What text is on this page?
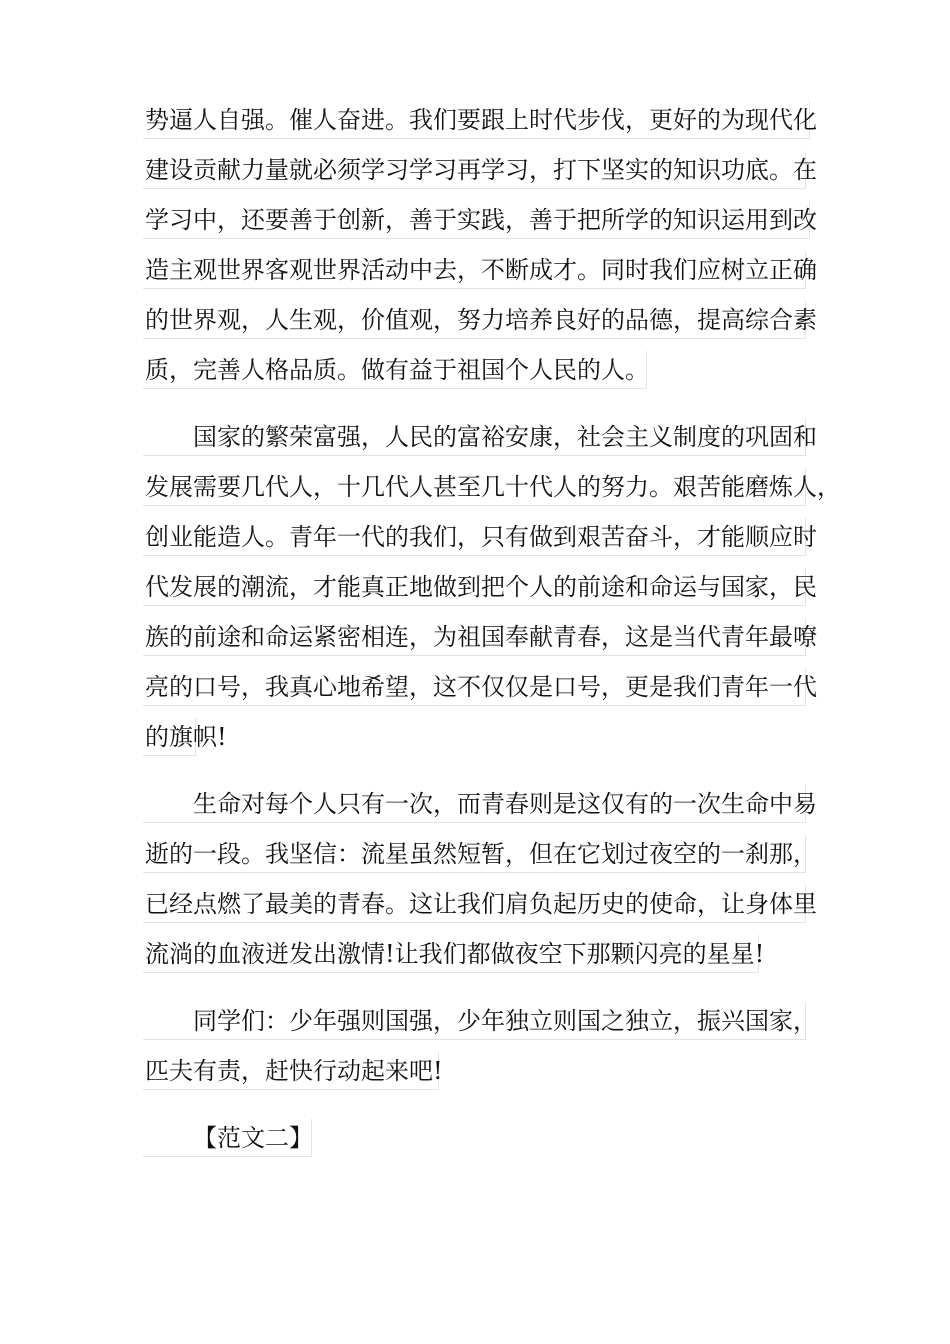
势逼人自强。催人奋进。我们要跟上时代步伐，更好的为现代化
建设贡献力量就必须学习学习再学习，打下坚实的知识功底。在
学习中，还要善于创新，善于实践，善于把所学的知识运用到改
造主观世界客观世界活动中去，不断成才。同时我们应树立正确
的世界观，人生观，价值观，努力培养良好的品德，提高综合素
质，完善人格品质。做有益于祖国个人民的人。
国家的繁荣富强，人民的富裕安康，社会主义制度的巩固和
发展需要几代人，十几代人甚至几十代人的努力。艰苦能磨炼人，
创业能造人。青年一代的我们，只有做到艰苦奋斗，才能顺应时
代发展的潮流，才能真正地做到把个人的前途和命运与国家，民
族的前途和命运紧密相连，为祖国奉献青春，这是当代青年最嘹
亮的口号，我真心地希望，这不仅仅是口号，更是我们青年一代
的旗帜!
生命对每个人只有一次，而青春则是这仅有的一次生命中易
逝的一段。我坚信：流星虽然短暂，但在它划过夜空的一刹那，
已经点燃了最美的青春。这让我们肩负起历史的使命，让身体里
流淌的血液迸发出激情!让我们都做夜空下那颗闪亮的星星!
同学们：少年强则国强，少年独立则国之独立，振兴国家，
匹夫有责，赶快行动起来吧!
【范文二】
